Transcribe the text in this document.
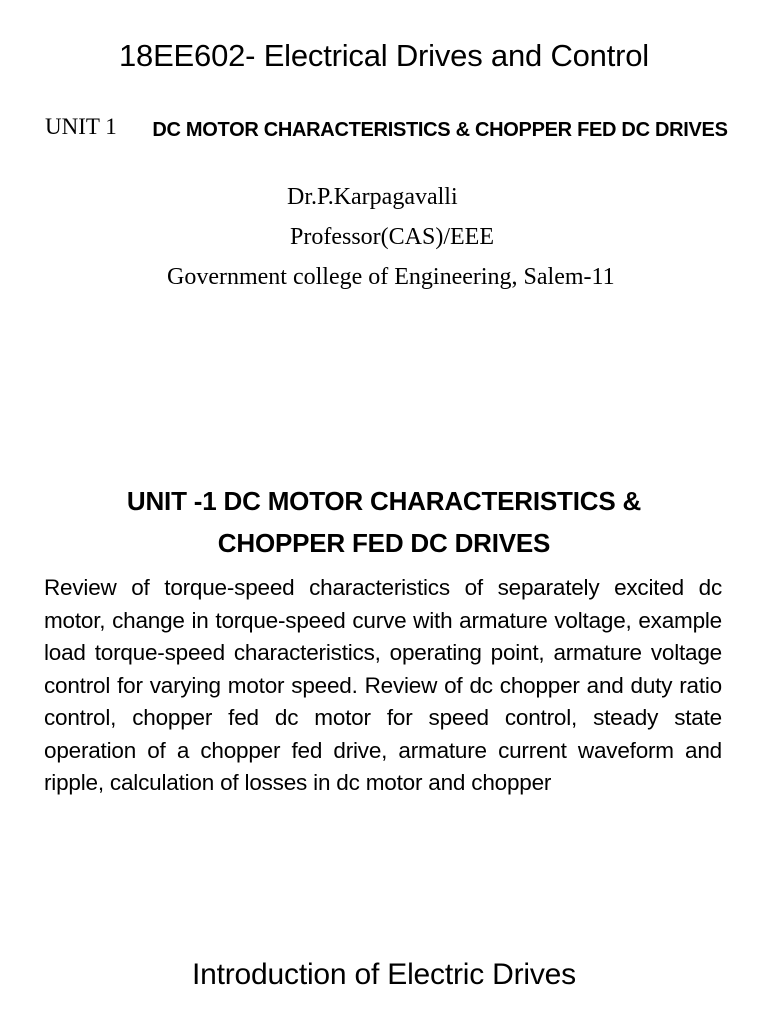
18EE602- Electrical Drives and Control
UNIT 1 DC MOTOR CHARACTERISTICS & CHOPPER FED DC DRIVES
Dr.P.Karpagavalli
Professor(CAS)/EEE
Government college of Engineering, Salem-11
UNIT -1 DC MOTOR CHARACTERISTICS & CHOPPER FED DC DRIVES
Review of torque-speed characteristics of separately excited dc motor, change in torque-speed curve with armature voltage, example load torque-speed characteristics, operating point, armature voltage control for varying motor speed. Review of dc chopper and duty ratio control, chopper fed dc motor for speed control, steady state operation of a chopper fed drive, armature current waveform and ripple, calculation of losses in dc motor and chopper
Introduction of Electric Drives
